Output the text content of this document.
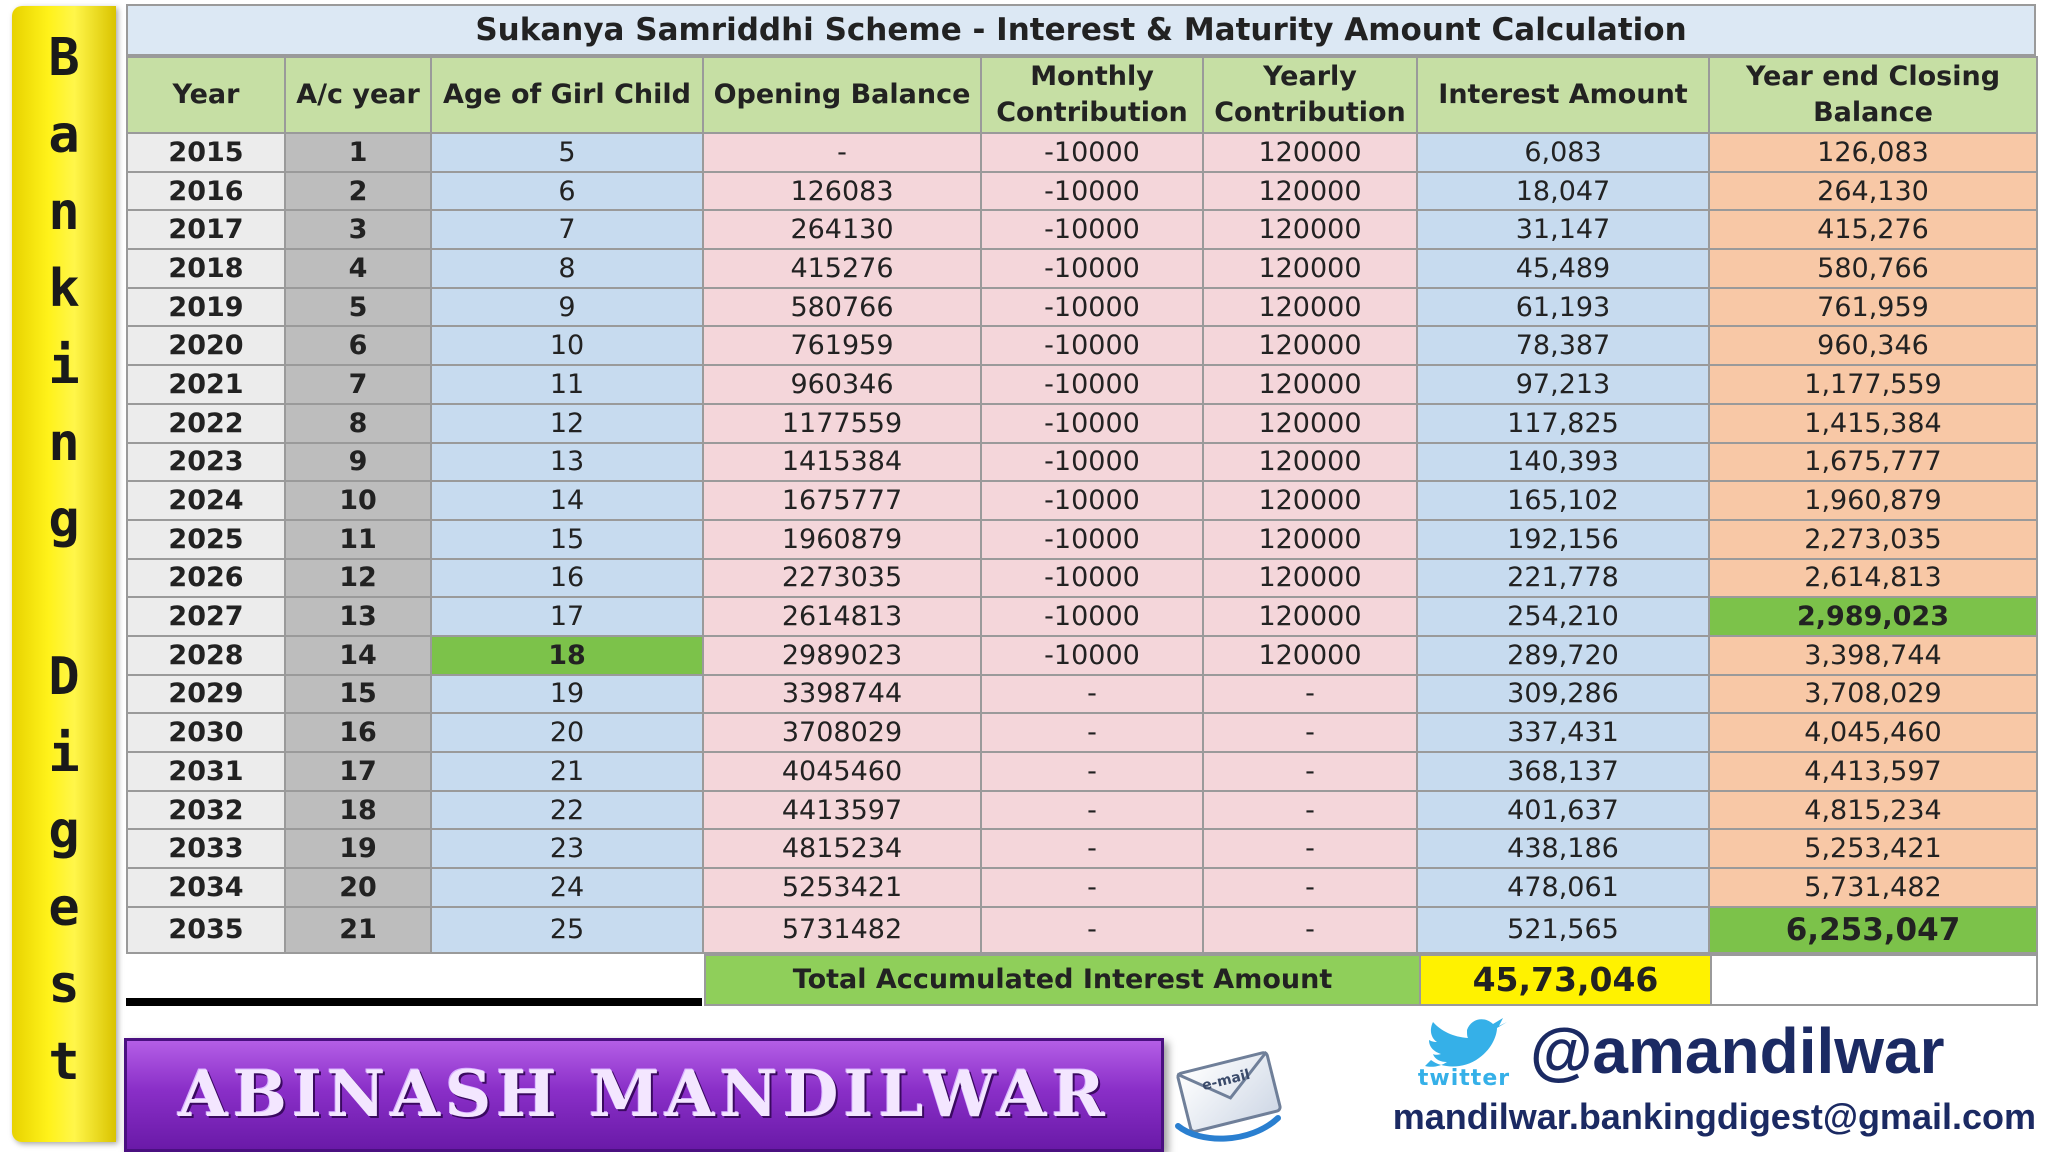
B
a
n
k
i
n
g
D
i
g
e
s
t
Sukanya Samriddhi Scheme - Interest & Maturity Amount Calculation
Year	A/c year	Age of Girl Child	Opening Balance	Monthly Contribution	Yearly Contribution	Interest Amount	Year end Closing Balance
2015	1	5	-	-10000	120000	6,083	126,083
2016	2	6	126083	-10000	120000	18,047	264,130
2017	3	7	264130	-10000	120000	31,147	415,276
2018	4	8	415276	-10000	120000	45,489	580,766
2019	5	9	580766	-10000	120000	61,193	761,959
2020	6	10	761959	-10000	120000	78,387	960,346
2021	7	11	960346	-10000	120000	97,213	1,177,559
2022	8	12	1177559	-10000	120000	117,825	1,415,384
2023	9	13	1415384	-10000	120000	140,393	1,675,777
2024	10	14	1675777	-10000	120000	165,102	1,960,879
2025	11	15	1960879	-10000	120000	192,156	2,273,035
2026	12	16	2273035	-10000	120000	221,778	2,614,813
2027	13	17	2614813	-10000	120000	254,210	2,989,023
2028	14	18	2989023	-10000	120000	289,720	3,398,744
2029	15	19	3398744	-	-	309,286	3,708,029
2030	16	20	3708029	-	-	337,431	4,045,460
2031	17	21	4045460	-	-	368,137	4,413,597
2032	18	22	4413597	-	-	401,637	4,815,234
2033	19	23	4815234	-	-	438,186	5,253,421
2034	20	24	5253421	-	-	478,061	5,731,482
2035	21	25	5731482	-	-	521,565	6,253,047
Total Accumulated Interest Amount	45,73,046
ABINASH MANDILWAR	e-mail	twitter @amandilwar
mandilwar.bankingdigest@gmail.com
